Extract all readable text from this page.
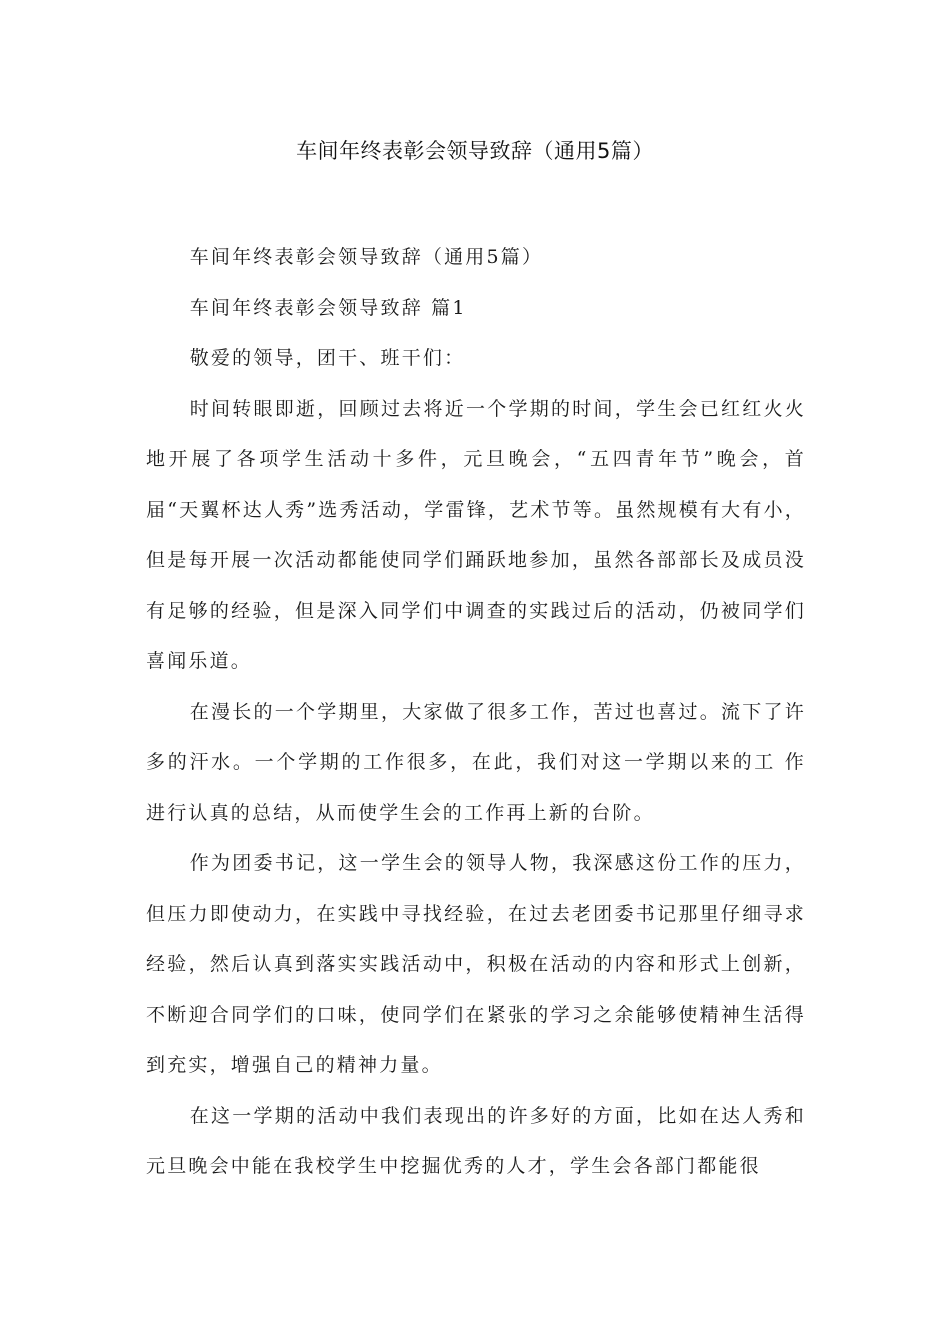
车间年终表彰会领导致辞（通用5篇）

车间年终表彰会领导致辞（通用5篇）

车间年终表彰会领导致辞 篇1

敬爱的领导，团干、班干们：

时间转眼即逝，回顾过去将近一个学期的时间，学生会已红红火火地开展了各项学生活动十多件，元旦晚会，“五四青年节”晚会，首届“天翼杯达人秀”选秀活动，学雷锋，艺术节等。虽然规模有大有小，但是每开展一次活动都能使同学们踊跃地参加，虽然各部部长及成员没有足够的经验，但是深入同学们中调查的实践过后的活动，仍被同学们喜闻乐道。

在漫长的一个学期里，大家做了很多工作，苦过也喜过。流下了许多的汗水。一个学期的工作很多，在此，我们对这一学期以来的工 作进行认真的总结，从而使学生会的工作再上新的台阶。

作为团委书记，这一学生会的领导人物，我深感这份工作的压力，但压力即使动力，在实践中寻找经验，在过去老团委书记那里仔细寻求经验，然后认真到落实实践活动中，积极在活动的内容和形式上创新，不断迎合同学们的口味，使同学们在紧张的学习之余能够使精神生活得到充实，增强自己的精神力量。

在这一学期的活动中我们表现出的许多好的方面，比如在达人秀和元旦晚会中能在我校学生中挖掘优秀的人才，学生会各部门都能很
